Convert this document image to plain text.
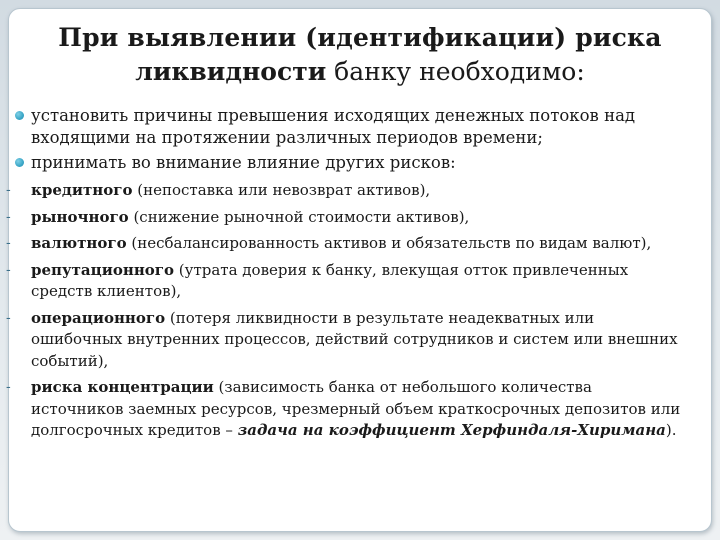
При выявлении (идентификации) риска
ликвидности банку необходимо:
установить причины превышения исходящих денежных потоков над входящими на протяжении различных периодов времени;
принимать во внимание влияние других рисков:
- кредитного (непоставка или невозврат активов),
- рыночного (снижение рыночной стоимости активов),
- валютного (несбалансированность активов и обязательств по видам валют),
- репутационного (утрата доверия к банку, влекущая отток привлеченных средств клиентов),
- операционного (потеря ликвидности в результате неадекватных или ошибочных внутренних процессов, действий сотрудников и систем или внешних событий),
- риска концентрации (зависимость банка от небольшого количества источников заемных ресурсов, чрезмерный объем краткосрочных депозитов или долгосрочных кредитов – задача на коэффициент Херфиндаля-Хиримана).
